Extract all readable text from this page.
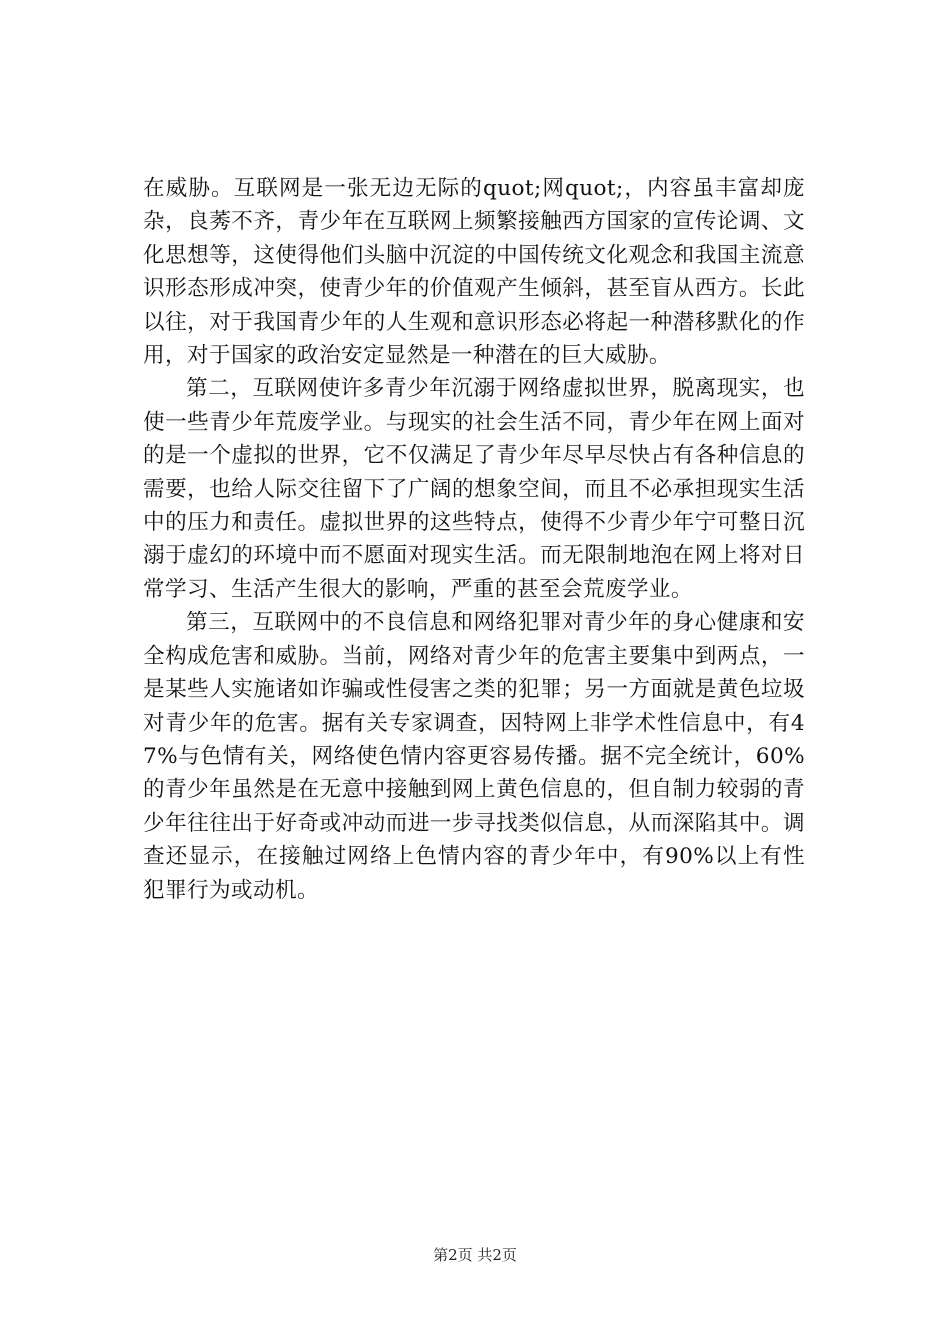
在威胁。互联网是一张无边无际的quot;网quot;，内容虽丰富却庞杂，良莠不齐，青少年在互联网上频繁接触西方国家的宣传论调、文化思想等，这使得他们头脑中沉淀的中国传统文化观念和我国主流意识形态形成冲突，使青少年的价值观产生倾斜，甚至盲从西方。长此以往，对于我国青少年的人生观和意识形态必将起一种潜移默化的作用，对于国家的政治安定显然是一种潜在的巨大威胁。

第二，互联网使许多青少年沉溺于网络虚拟世界，脱离现实，也使一些青少年荒废学业。与现实的社会生活不同，青少年在网上面对的是一个虚拟的世界，它不仅满足了青少年尽早尽快占有各种信息的需要，也给人际交往留下了广阔的想象空间，而且不必承担现实生活中的压力和责任。虚拟世界的这些特点，使得不少青少年宁可整日沉溺于虚幻的环境中而不愿面对现实生活。而无限制地泡在网上将对日常学习、生活产生很大的影响，严重的甚至会荒废学业。

第三，互联网中的不良信息和网络犯罪对青少年的身心健康和安全构成危害和威胁。当前，网络对青少年的危害主要集中到两点，一是某些人实施诸如诈骗或性侵害之类的犯罪；另一方面就是黄色垃圾对青少年的危害。据有关专家调查，因特网上非学术性信息中，有47%与色情有关，网络使色情内容更容易传播。据不完全统计，60%的青少年虽然是在无意中接触到网上黄色信息的，但自制力较弱的青少年往往出于好奇或冲动而进一步寻找类似信息，从而深陷其中。调查还显示，在接触过网络上色情内容的青少年中，有90%以上有性犯罪行为或动机。

第2页 共2页
